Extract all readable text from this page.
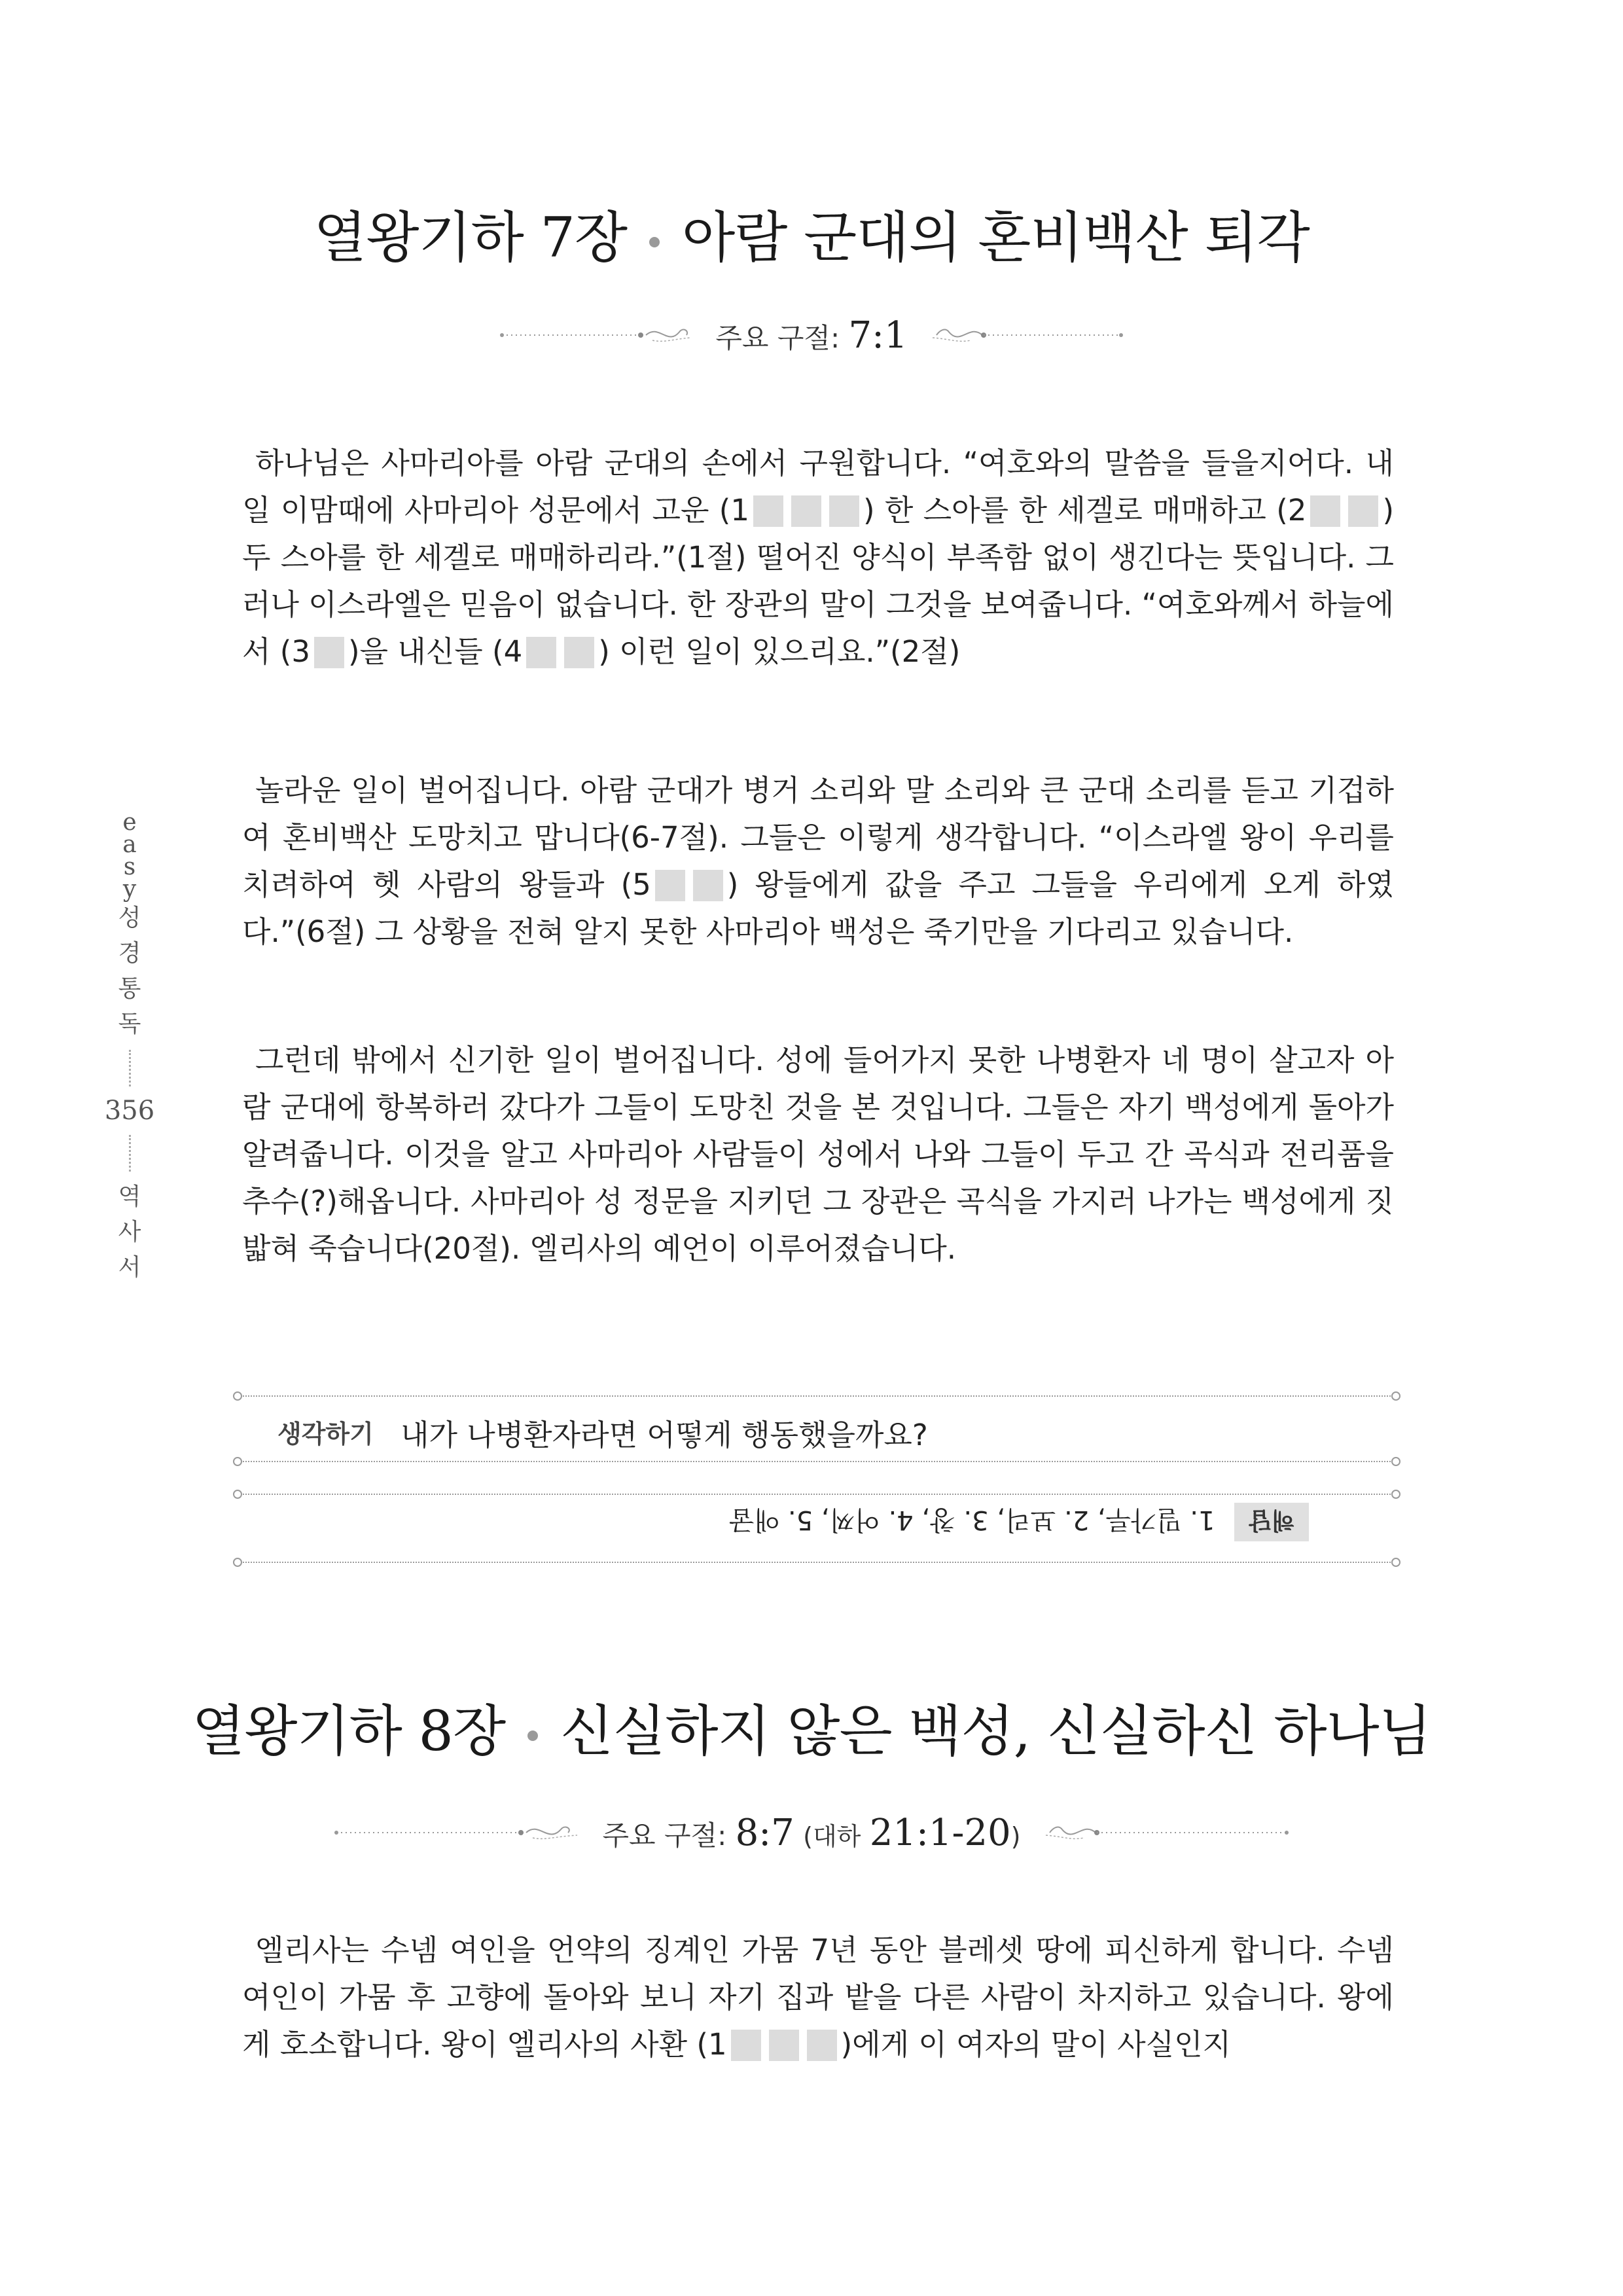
열왕기하 7장 아람 군대의 혼비백산 퇴각
주요 구절: 7:1

하나님은 사마리아를 아람 군대의 손에서 구원합니다. “여호와의 말씀을 들을지어다. 내일 이맘때에 사마리아 성문에서 고운 (1	) 한 스아를 한 세겔로 매매하고 (2	) 두 스아를 한 세겔로 매매하리라.”(1절) 떨어진 양식이 부족함 없이 생긴다는 뜻입니다. 그러나 이스라엘은 믿음이 없습니다. 한 장관의 말이 그것을 보여줍니다. “여호와께서 하늘에서 (3 )을 내신들 (4	) 이런 일이 있으리요.”(2절)

놀라운 일이 벌어집니다. 아람 군대가 병거 소리와 말 소리와 큰 군대 소리를 듣고 기겁하여 혼비백산 도망치고 맙니다(6-7절). 그들은 이렇게 생각합니다. “이스라엘 왕이 우리를 치려하여 헷 사람의 왕들과 (5	) 왕들에게 값을 주고 그들을 우리에게 오게 하였다.”(6절) 그 상황을 전혀 알지 못한 사마리아 백성은 죽기만을 기다리고 있습니다.

그런데 밖에서 신기한 일이 벌어집니다. 성에 들어가지 못한 나병환자 네 명이 살고자 아람 군대에 항복하러 갔다가 그들이 도망친 것을 본 것입니다. 그들은 자기 백성에게 돌아가 알려줍니다. 이것을 알고 사마리아 사람들이 성에서 나와 그들이 두고 간 곡식과 전리품을 추수(?)해옵니다. 사마리아 성 정문을 지키던 그 장관은 곡식을 가지러 나가는 백성에게 짓밟혀 죽습니다(20절). 엘리사의 예언이 이루어졌습니다.

e
a
s
y
성
경
통
독
356
역
사
서
생각하기 내가 나병환자라면 어떻게 행동했을까요?
해답
1. 밀가루, 2. 보리, 3. 창, 4. 어찌, 5. 애굽
열왕기하 8장 신실하지 않은 백성, 신실하신 하나님
주요 구절: 8:7 (대하 21:1-20)

엘리사는 수넴 여인을 언약의 징계인 가뭄 7년 동안 블레셋 땅에 피신하게 합니다. 수넴 여인이 가뭄 후 고향에 돌아와 보니 자기 집과 밭을 다른 사람이 차지하고 있습니다. 왕에게 호소합니다. 왕이 엘리사의 사환 (1	)에게 이 여자의 말이 사실인지
